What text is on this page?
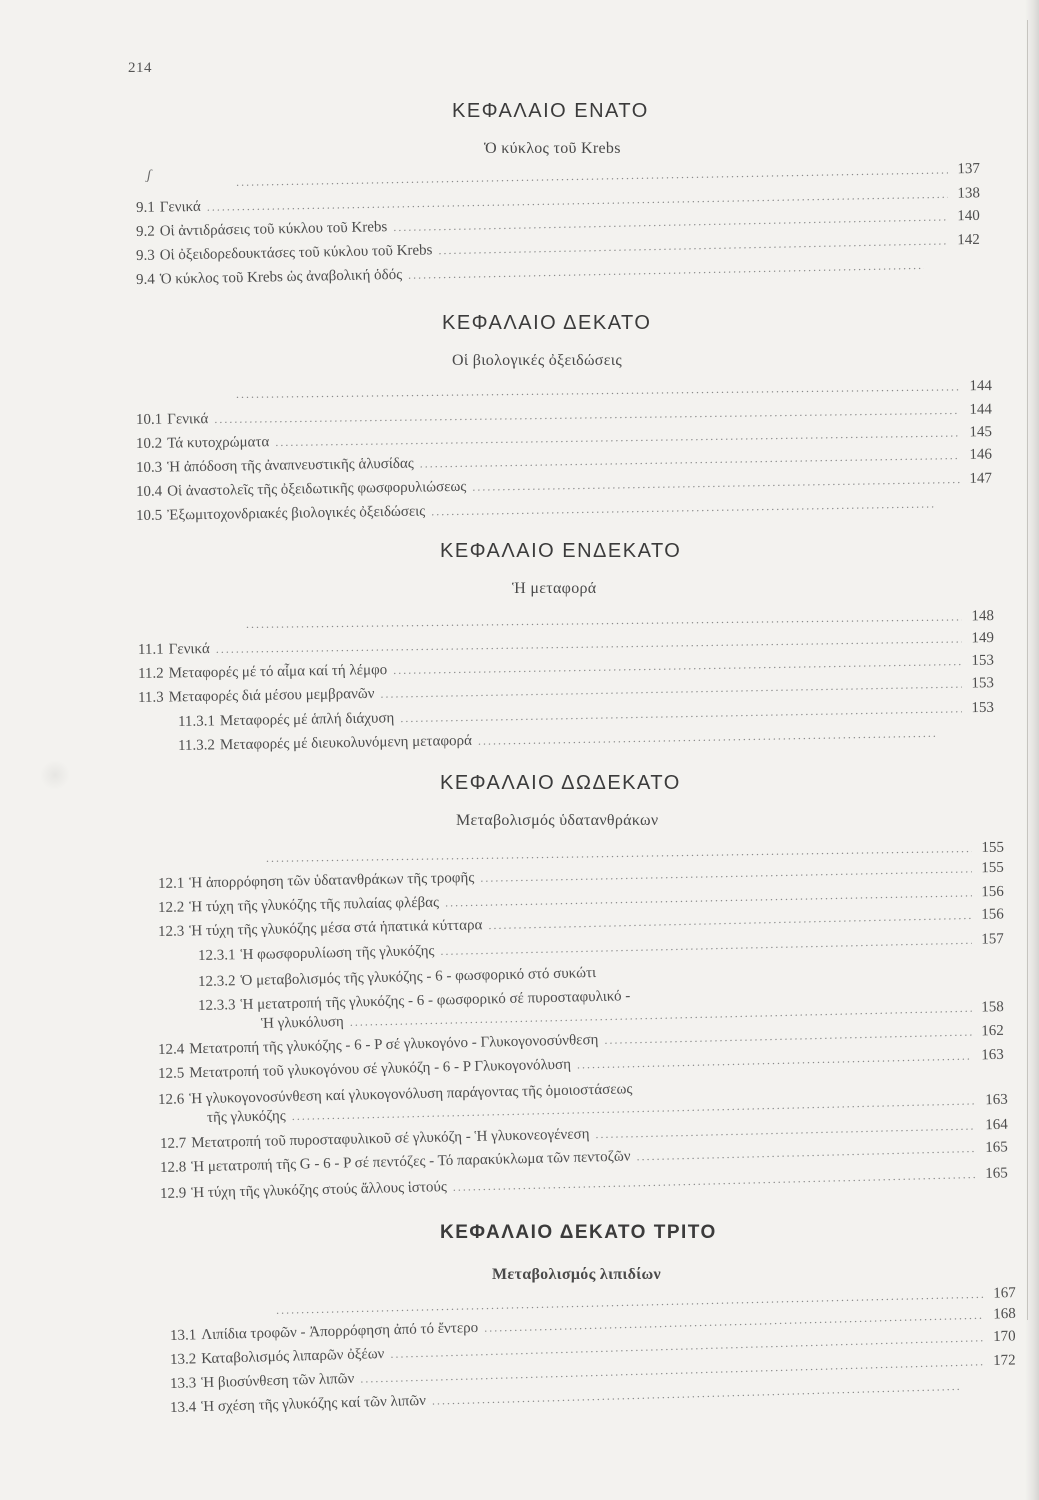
214
ʃ
ΚΕΦΑΛΑΙΟ ΕΝΑΤΟ
Ὁ κύκλος τοῦ Krebs
.....
137
9.1 Γενικά
.....
138
9.2 Οἱ ἀντιδράσεις τοῦ κύκλου τοῦ Krebs
.....
140
9.3 Οἱ ὀξειδορεδουκτάσες τοῦ κύκλου τοῦ Krebs
.....
142
9.4 Ὁ κύκλος τοῦ Krebs ὡς ἀναβολική ὁδός
.....
ΚΕΦΑΛΑΙΟ ΔΕΚΑΤΟ
Οἱ βιολογικές ὀξειδώσεις
.....
144
10.1 Γενικά
.....
144
10.2 Τά κυτοχρώματα
.....
145
10.3 Ἡ ἀπόδοση τῆς ἀναπνευστικῆς ἁλυσίδας
.....
146
10.4 Οἱ ἀναστολεῖς τῆς ὀξειδωτικῆς φωσφορυλιώσεως
.....
147
10.5 Ἐξωμιτοχονδριακές βιολογικές ὀξειδώσεις
.....
ΚΕΦΑΛΑΙΟ ΕΝΔΕΚΑΤΟ
Ἡ μεταφορά
.....
148
11.1 Γενικά
.....
149
11.2 Μεταφορές μέ τό αἷμα καί τή λέμφο
.....
153
11.3 Μεταφορές διά μέσου μεμβρανῶν
.....
153
11.3.1 Μεταφορές μέ ἁπλή διάχυση
.....
153
11.3.2 Μεταφορές μέ διευκολυνόμενη μεταφορά
.....
ΚΕΦΑΛΑΙΟ ΔΩΔΕΚΑΤΟ
Μεταβολισμός ὑδατανθράκων
.....
155
12.1 Ἡ ἀπορρόφηση τῶν ὑδατανθράκων τῆς τροφῆς
.....
155
12.2 Ἡ τύχη τῆς γλυκόζης τῆς πυλαίας φλέβας
.....
156
12.3 Ἡ τύχη τῆς γλυκόζης μέσα στά ἡπατικά κύτταρα
.....
156
12.3.1 Ἡ φωσφορυλίωση τῆς γλυκόζης
.....
157
12.3.2 Ὁ μεταβολισμός τῆς γλυκόζης - 6 - φωσφορικό στό συκώτι
12.3.3 Ἡ μετατροπή τῆς γλυκόζης - 6 - φωσφορικό σέ πυροσταφυλικό -
Ἡ γλυκόλυση
.....
158
12.4 Μετατροπή τῆς γλυκόζης - 6 - P σέ γλυκογόνο - Γλυκογονοσύνθεση
.....
162
12.5 Μετατροπή τοῦ γλυκογόνου σέ γλυκόζη - 6 - P Γλυκογονόλυση
.....
163
12.6 Ἡ γλυκογονοσύνθεση καί γλυκογονόλυση παράγοντας τῆς ὁμοιοστάσεως
τῆς γλυκόζης
.....
163
12.7 Μετατροπή τοῦ πυροσταφυλικοῦ σέ γλυκόζη - Ἡ γλυκονεογένεση
.....
164
12.8 Ἡ μετατροπή τῆς G - 6 - P σέ πεντόζες - Τό παρακύκλωμα τῶν πεντοζῶν
.....
165
12.9 Ἡ τύχη τῆς γλυκόζης στούς ἄλλους ἱστούς
.....
165
ΚΕΦΑΛΑΙΟ ΔΕΚΑΤΟ ΤΡΙΤΟ
Μεταβολισμός λιπιδίων
.....
167
13.1 Λιπίδια τροφῶν - Ἀπορρόφηση ἀπό τό ἔντερο
.....
168
13.2 Καταβολισμός λιπαρῶν ὀξέων
.....
170
13.3 Ἡ βιοσύνθεση τῶν λιπῶν
.....
172
13.4 Ἡ σχέση τῆς γλυκόζης καί τῶν λιπῶν
.....
